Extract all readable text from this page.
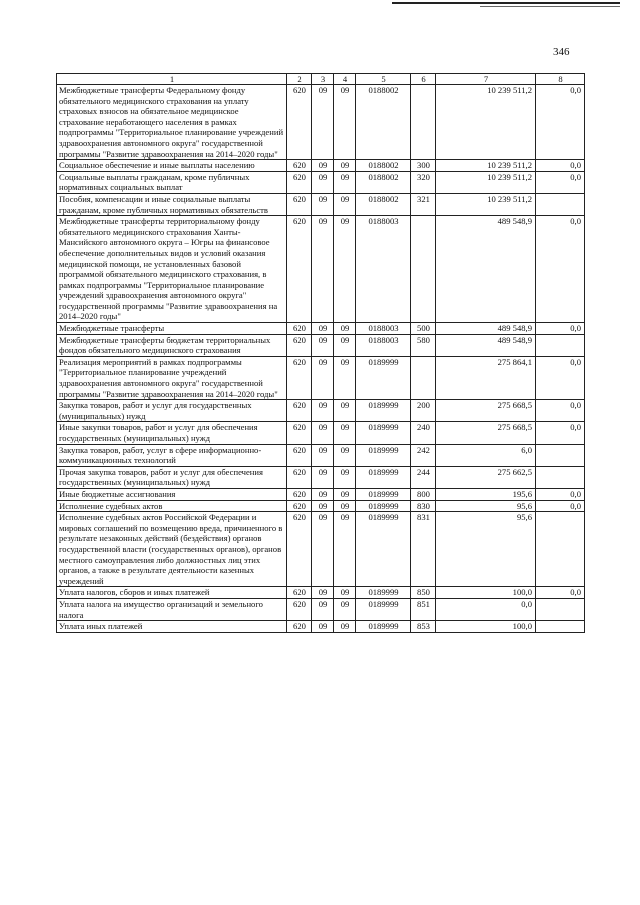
346
1	2	3	4	5	6	7	8
Межбюджетные трансферты Федеральному фонду обязательного медицинского страхования на уплату страховых взносов на обязательное медицинское страхование неработающего населения в рамках подпрограммы "Территориальное планирование учреждений здравоохранения автономного округа" государственной программы "Развитие здравоохранения на 2014–2020 годы"	620	09	09	0188002		10 239 511,2	0,0
Социальное обеспечение и иные выплаты населению	620	09	09	0188002	300	10 239 511,2	0,0
Социальные выплаты гражданам, кроме публичных нормативных социальных выплат	620	09	09	0188002	320	10 239 511,2	0,0
Пособия, компенсации и иные социальные выплаты гражданам, кроме публичных нормативных обязательств	620	09	09	0188002	321	10 239 511,2	
Межбюджетные трансферты территориальному фонду обязательного медицинского страхования Ханты-Мансийского автономного округа – Югры на финансовое обеспечение дополнительных видов и условий оказания медицинской помощи, не установленных базовой программой обязательного медицинского страхования, в рамках подпрограммы "Территориальное планирование учреждений здравоохранения автономного округа" государственной программы "Развитие здравоохранения на 2014–2020 годы"	620	09	09	0188003		489 548,9	0,0
Межбюджетные трансферты	620	09	09	0188003	500	489 548,9	0,0
Межбюджетные трансферты бюджетам территориальных фондов обязательного медицинского страхования	620	09	09	0188003	580	489 548,9	
Реализация мероприятий в рамках подпрограммы "Территориальное планирование учреждений здравоохранения автономного округа" государственной программы "Развитие здравоохранения на 2014–2020 годы"	620	09	09	0189999		275 864,1	0,0
Закупка товаров, работ и услуг для государственных (муниципальных) нужд	620	09	09	0189999	200	275 668,5	0,0
Иные закупки товаров, работ и услуг для обеспечения государственных (муниципальных) нужд	620	09	09	0189999	240	275 668,5	0,0
Закупка товаров, работ, услуг в сфере информационно-коммуникационных технологий	620	09	09	0189999	242	6,0	
Прочая закупка товаров, работ и услуг для обеспечения государственных (муниципальных) нужд	620	09	09	0189999	244	275 662,5	
Иные бюджетные ассигнования	620	09	09	0189999	800	195,6	0,0
Исполнение судебных актов	620	09	09	0189999	830	95,6	0,0
Исполнение судебных актов Российской Федерации и мировых соглашений по возмещению вреда, причиненного в результате незаконных действий (бездействия) органов государственной власти (государственных органов), органов местного самоуправления либо должностных лиц этих органов, а также в результате деятельности казенных учреждений	620	09	09	0189999	831	95,6	
Уплата налогов, сборов и иных платежей	620	09	09	0189999	850	100,0	0,0
Уплата налога на имущество организаций и земельного налога	620	09	09	0189999	851	0,0	
Уплата иных платежей	620	09	09	0189999	853	100,0	
